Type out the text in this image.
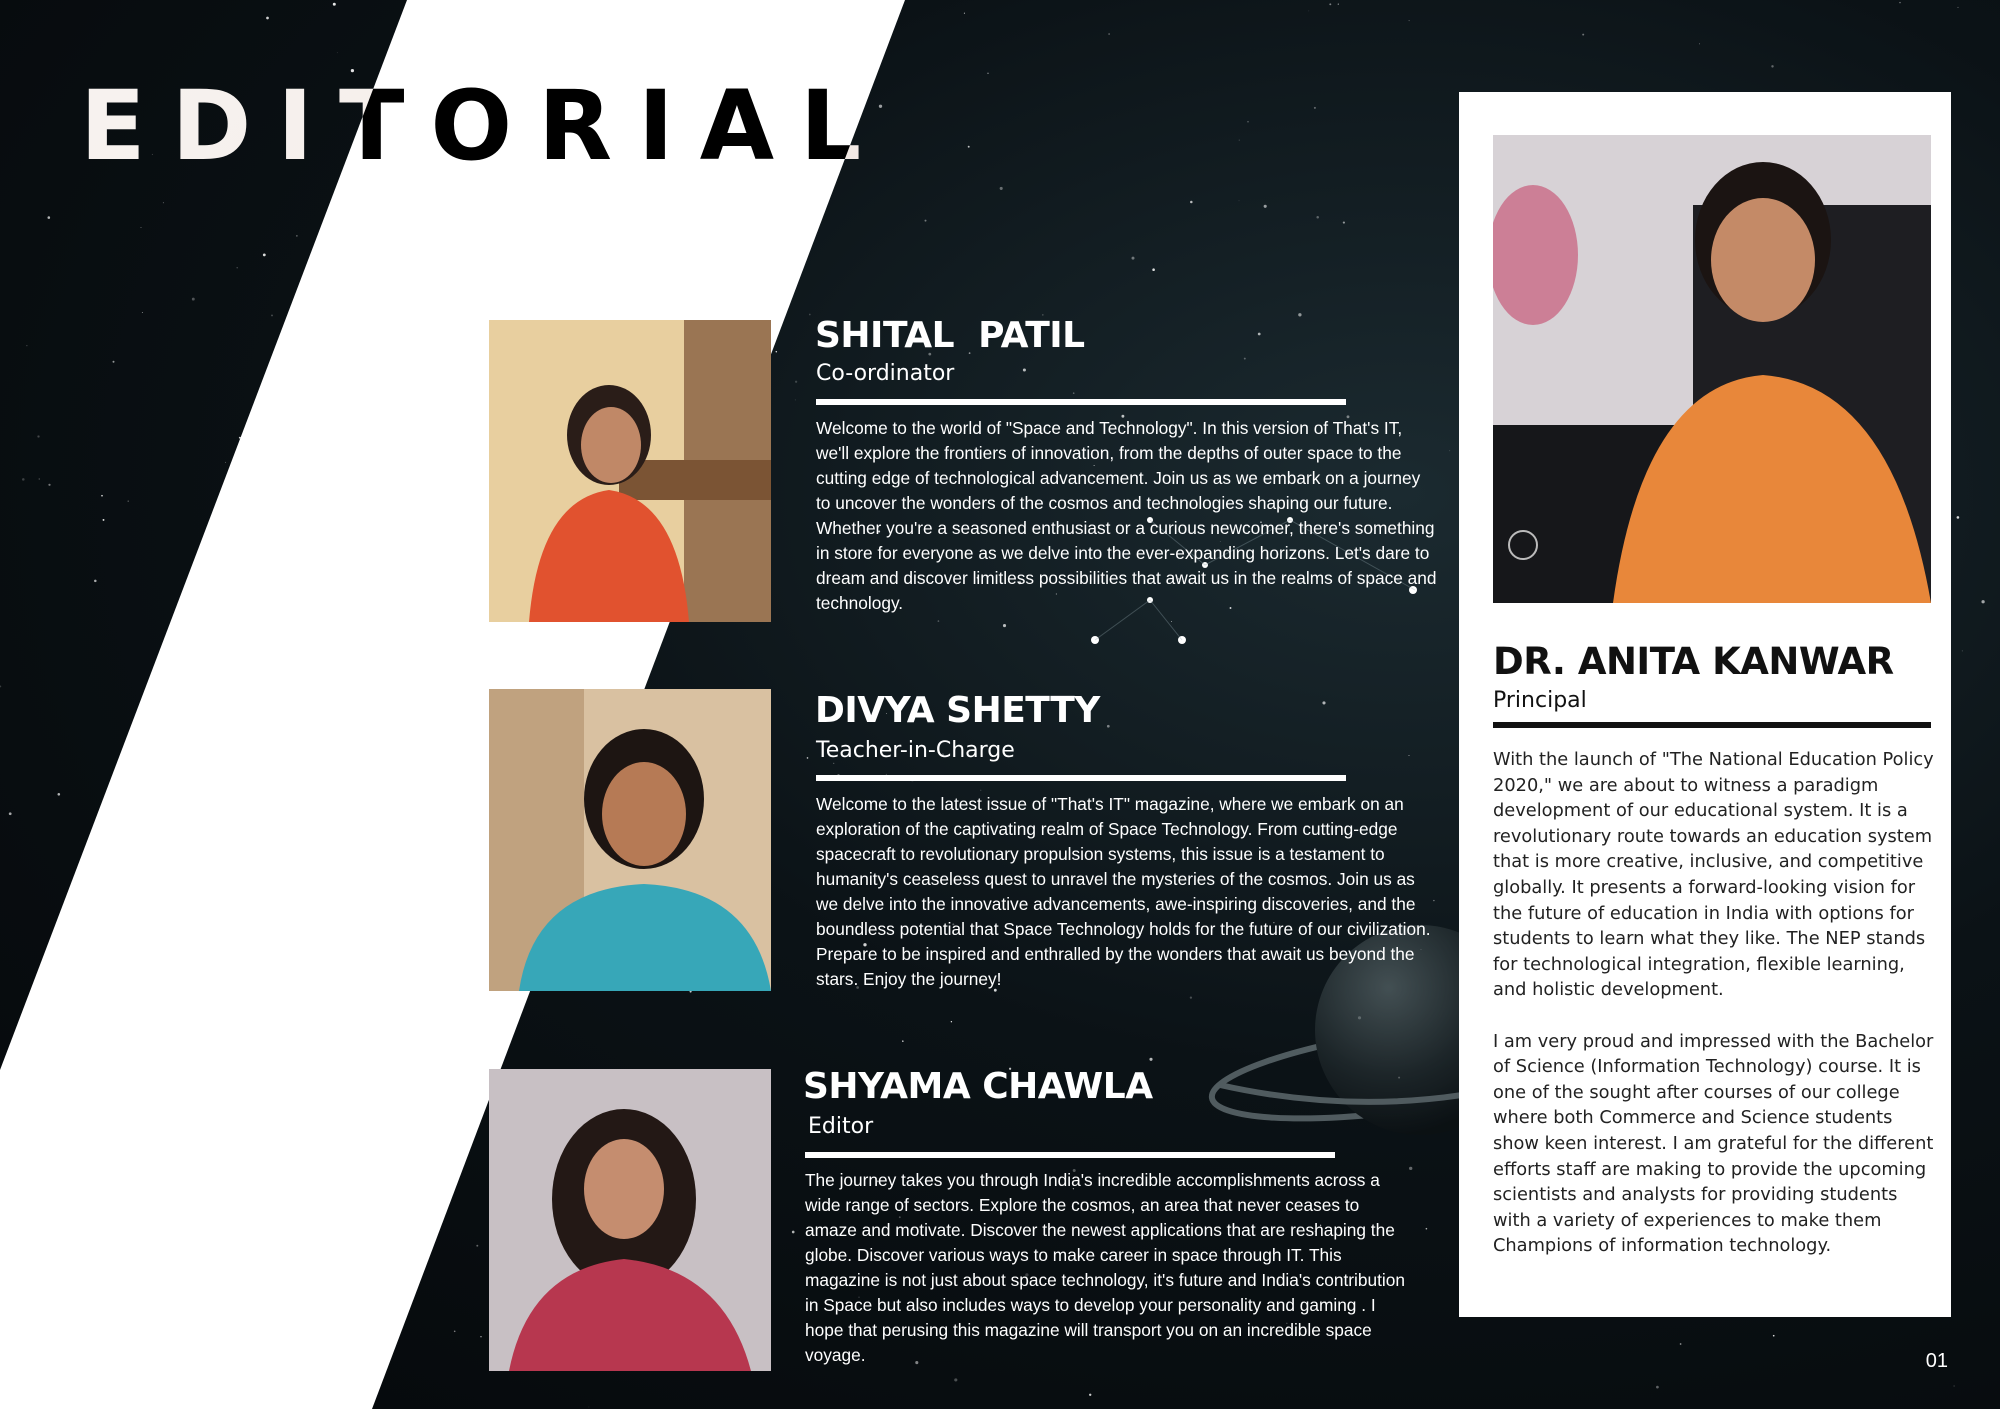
EDITORIAL
SHITAL  PATIL
Co-ordinator

Welcome to the world of "Space and Technology". In this version of That's IT, we'll explore the frontiers of innovation, from the depths of outer space to the cutting edge of technological advancement. Join us as we embark on a journey to uncover the wonders of the cosmos and technologies shaping our future. Whether you're a seasoned enthusiast or a curious newcomer, there's something in store for everyone as we delve into the ever-expanding horizons. Let's dare to dream and discover limitless possibilities that await us in the realms of space and technology.

DIVYA SHETTY
Teacher-in-Charge

Welcome to the latest issue of "That's IT" magazine, where we embark on an exploration of the captivating realm of Space Technology. From cutting-edge spacecraft to revolutionary propulsion systems, this issue is a testament to humanity's ceaseless quest to unravel the mysteries of the cosmos. Join us as we delve into the innovative advancements, awe-inspiring discoveries, and the boundless potential that Space Technology holds for the future of our civilization. Prepare to be inspired and enthralled by the wonders that await us beyond the stars. Enjoy the journey!

SHYAMA CHAWLA
Editor

The journey takes you through India's incredible accomplishments across a wide range of sectors. Explore the cosmos, an area that never ceases to amaze and motivate. Discover the newest applications that are reshaping the globe. Discover various ways to make career in space through IT. This magazine is not just about space technology, it's future and India's contribution in Space but also includes ways to develop your personality and gaming . I hope that perusing this magazine will transport you on an incredible space voyage.

DR. ANITA KANWAR
Principal

With the launch of "The National Education Policy 2020," we are about to witness a paradigm development of our educational system. It is a revolutionary route towards an education system that is more creative, inclusive, and competitive globally. It presents a forward-looking vision for the future of education in India with options for students to learn what they like. The NEP stands for technological integration, flexible learning, and holistic development.

I am very proud and impressed with the Bachelor of Science (Information Technology) course. It is one of the sought after courses of our college where both Commerce and Science students show keen interest. I am grateful for the different efforts staff are making to provide the upcoming scientists and analysts for providing students with a variety of experiences to make them Champions of information technology.

01
